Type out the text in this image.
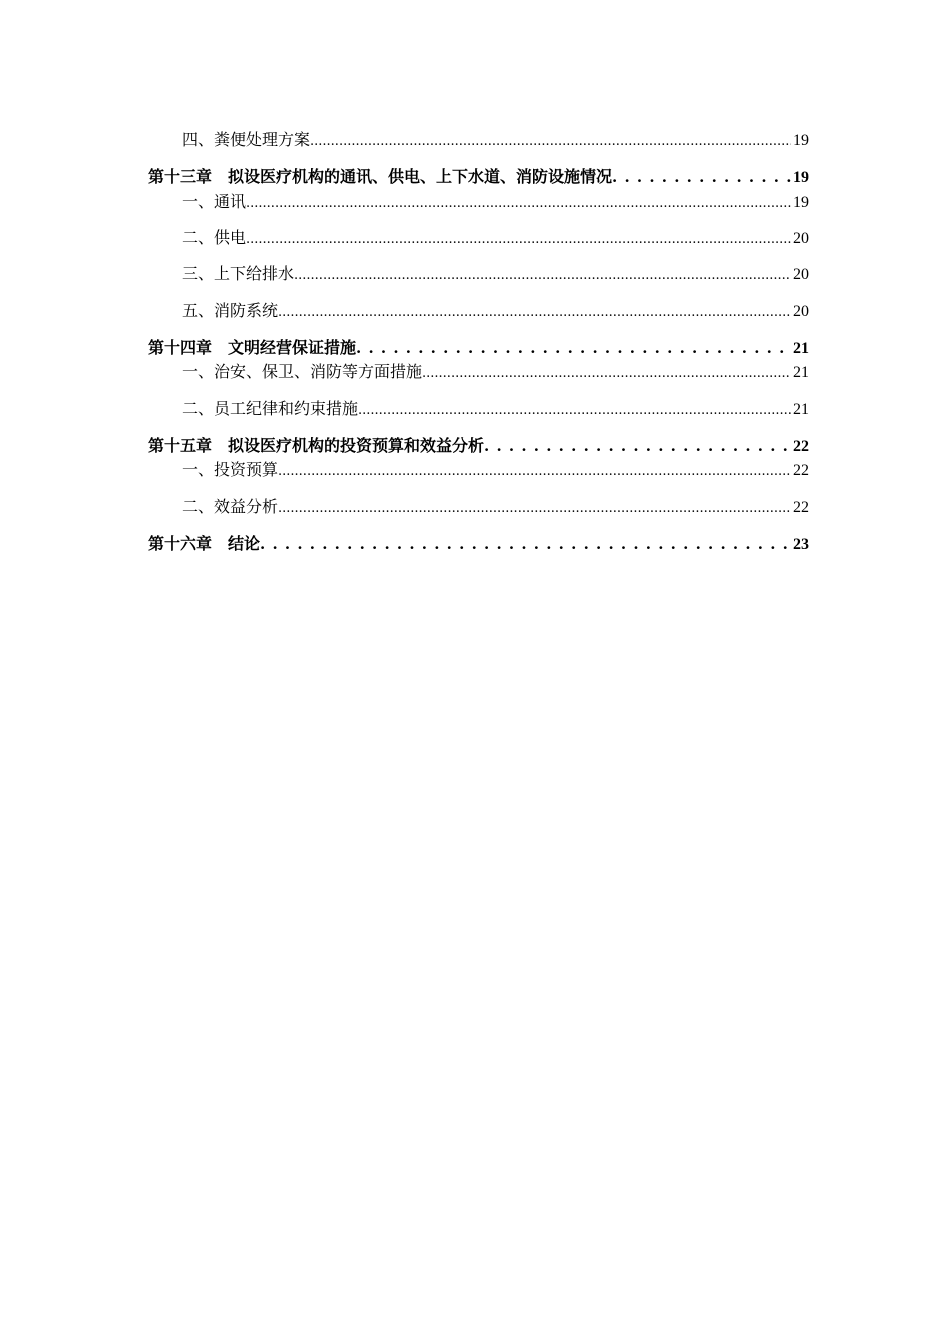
四、粪便处理方案 .....	19
第十三章　拟设医疗机构的通讯、供电、上下水道、消防设施情况 . . .	19
一、通讯 .....	19
二、供电 .....	20
三、上下给排水 .....	20
五、消防系统 .....	20
第十四章　文明经营保证措施 . . .	21
一、治安、保卫、消防等方面措施 .....	21
二、员工纪律和约束措施 .....	21
第十五章　拟设医疗机构的投资预算和效益分析 . . .	22
一、投资预算 .....	22
二、效益分析 .....	22
第十六章　结论 . . .	23
